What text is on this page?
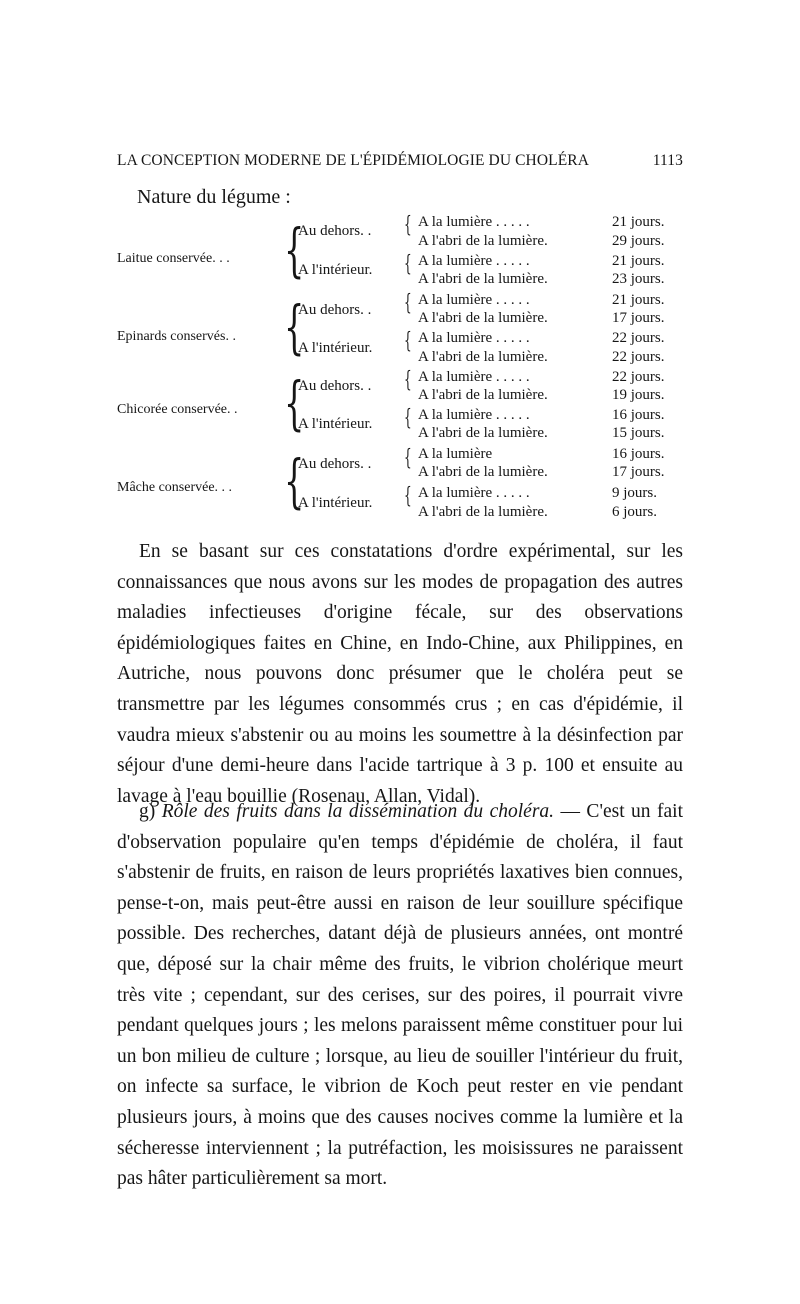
LA CONCEPTION MODERNE DE L'ÉPIDÉMIOLOGIE DU CHOLÉRA	1113
Nature du légume :
Laitue conservée. . . {
Au dehors. . { A la lumière . . . . .	21 jours.
A l'abri de la lumière.	29 jours.
A l'intérieur. { A la lumière . . . . .	21 jours.
A l'abri de la lumière.	23 jours.
Epinards conservés. . {
Au dehors. . { A la lumière . . . . .	21 jours.
A l'abri de la lumière.	17 jours.
A l'intérieur. { A la lumière . . . . .	22 jours.
A l'abri de la lumière.	22 jours.
Chicorée conservée. . {
Au dehors. . { A la lumière . . . . .	22 jours.
A l'abri de la lumière.	19 jours.
A l'intérieur. { A la lumière . . . . .	16 jours.
A l'abri de la lumière.	15 jours.
Mâche conservée. . . {
Au dehors. . { A la lumière	16 jours.
A l'abri de la lumière.	17 jours.
A l'intérieur. { A la lumière . . . . .	9 jours.
A l'abri de la lumière.	6 jours.

En se basant sur ces constatations d'ordre expérimental, sur les connaissances que nous avons sur les modes de propagation des autres maladies infectieuses d'origine fécale, sur des observations épidémiologiques faites en Chine, en Indo-Chine, aux Philippines, en Autriche, nous pouvons donc présumer que le choléra peut se transmettre par les légumes consommés crus ; en cas d'épidémie, il vaudra mieux s'abstenir ou au moins les soumettre à la désinfection par séjour d'une demi-heure dans l'acide tartrique à 3 p. 100 et ensuite au lavage à l'eau bouillie (Rosenau, Allan, Vidal).

g) Rôle des fruits dans la dissémination du choléra. — C'est un fait d'observation populaire qu'en temps d'épidémie de choléra, il faut s'abstenir de fruits, en raison de leurs propriétés laxatives bien connues, pense-t-on, mais peut-être aussi en raison de leur souillure spécifique possible. Des recherches, datant déjà de plusieurs années, ont montré que, déposé sur la chair même des fruits, le vibrion cholérique meurt très vite ; cependant, sur des cerises, sur des poires, il pourrait vivre pendant quelques jours ; les melons paraissent même constituer pour lui un bon milieu de culture ; lorsque, au lieu de souiller l'intérieur du fruit, on infecte sa surface, le vibrion de Koch peut rester en vie pendant plusieurs jours, à moins que des causes nocives comme la lumière et la sécheresse interviennent ; la putréfaction, les moisissures ne paraissent pas hâter particulièrement sa mort.
